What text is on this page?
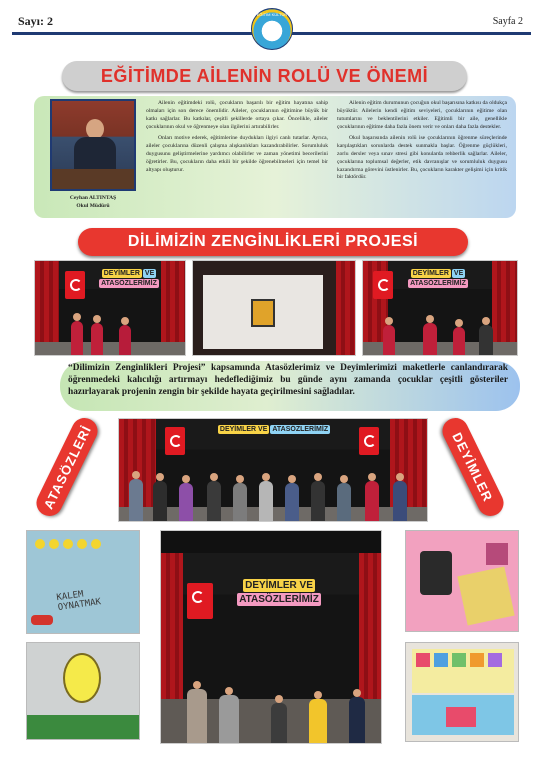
Sayı: 2	Sayfa 2
EĞİTİM KÜLTÜR
EĞİTİMDE AİLENİN ROLÜ VE ÖNEMİ
Ceyhan ALTINTAŞ
Okul Müdürü

Ailenin eğitimdeki rolü, çocukların başarılı bir eğitim hayatına sahip olmaları için son derece önemlidir. Aileler, çocuklarının eğitimine büyük bir katkı sağlarlar. Bu katkılar, çeşitli şekillerde ortaya çıkar. Öncelikle, aileler çocuklarının okul ve öğrenmeye olan ilgilerini artırabilirler.

Onları motive ederek, eğitimlerine duydukları ilgiyi canlı tutarlar. Ayrıca, aileler çocuklarına düzenli çalışma alışkanlıkları kazandırabilirler. Sorumluluk duygusunu geliştirmelerine yardımcı olabilirler ve zaman yönetimi becerilerini öğretirler. Bu, çocukların daha etkili bir şekilde öğrenebilmeleri için temel bir altyapı oluşturur.

Ailenin eğitim durumunun çocuğun okul başarısına katkısı da oldukça büyüktür. Ailelerin kendi eğitim seviyeleri, çocuklarının eğitime olan tutumlarını ve beklentilerini etkiler. Eğitimli bir aile, genellikle çocuklarının eğitime daha fazla önem verir ve onları daha fazla destekler.

Okul başarısında ailenin rolü ise çocuklarının öğrenme süreçlerinde karşılaştıkları sorunlarda destek sunmakla başlar. Öğrenme güçlükleri, zorlu dersler veya sınav stresi gibi konularda rehberlik sağlarlar. Aileler, çocuklarına toplumsal değerler, etik davranışlar ve sorumluluk duygusu kazandırma görevini üstlenirler. Bu, çocukların karakter gelişimi için kritik bir faktördür.

DİLİMİZİN ZENGİNLİKLERİ PROJESİ
DEYİMLER VE
ATASÖZLERİMİZ
DEYİMLER VE
ATASÖZLERİMİZ
“Dilimizin Zenginlikleri Projesi” kapsamında Atasözlerimiz ve Deyimlerimizi maketlerle canlandırarak öğrenmedeki kalıcılığı artırmayı hedeflediğimiz bu günde aynı zamanda çocuklar çeşitli gösteriler hazırlayarak projenin zengin bir şekilde hayata geçirilmesini sağladılar.
ATASÖZLERİ	DEYİMLER
DEYİMLER VE ATASÖZLERİMİZ
KALEM OYNATMAK
DEYİMLER VE
ATASÖZLERİMİZ
